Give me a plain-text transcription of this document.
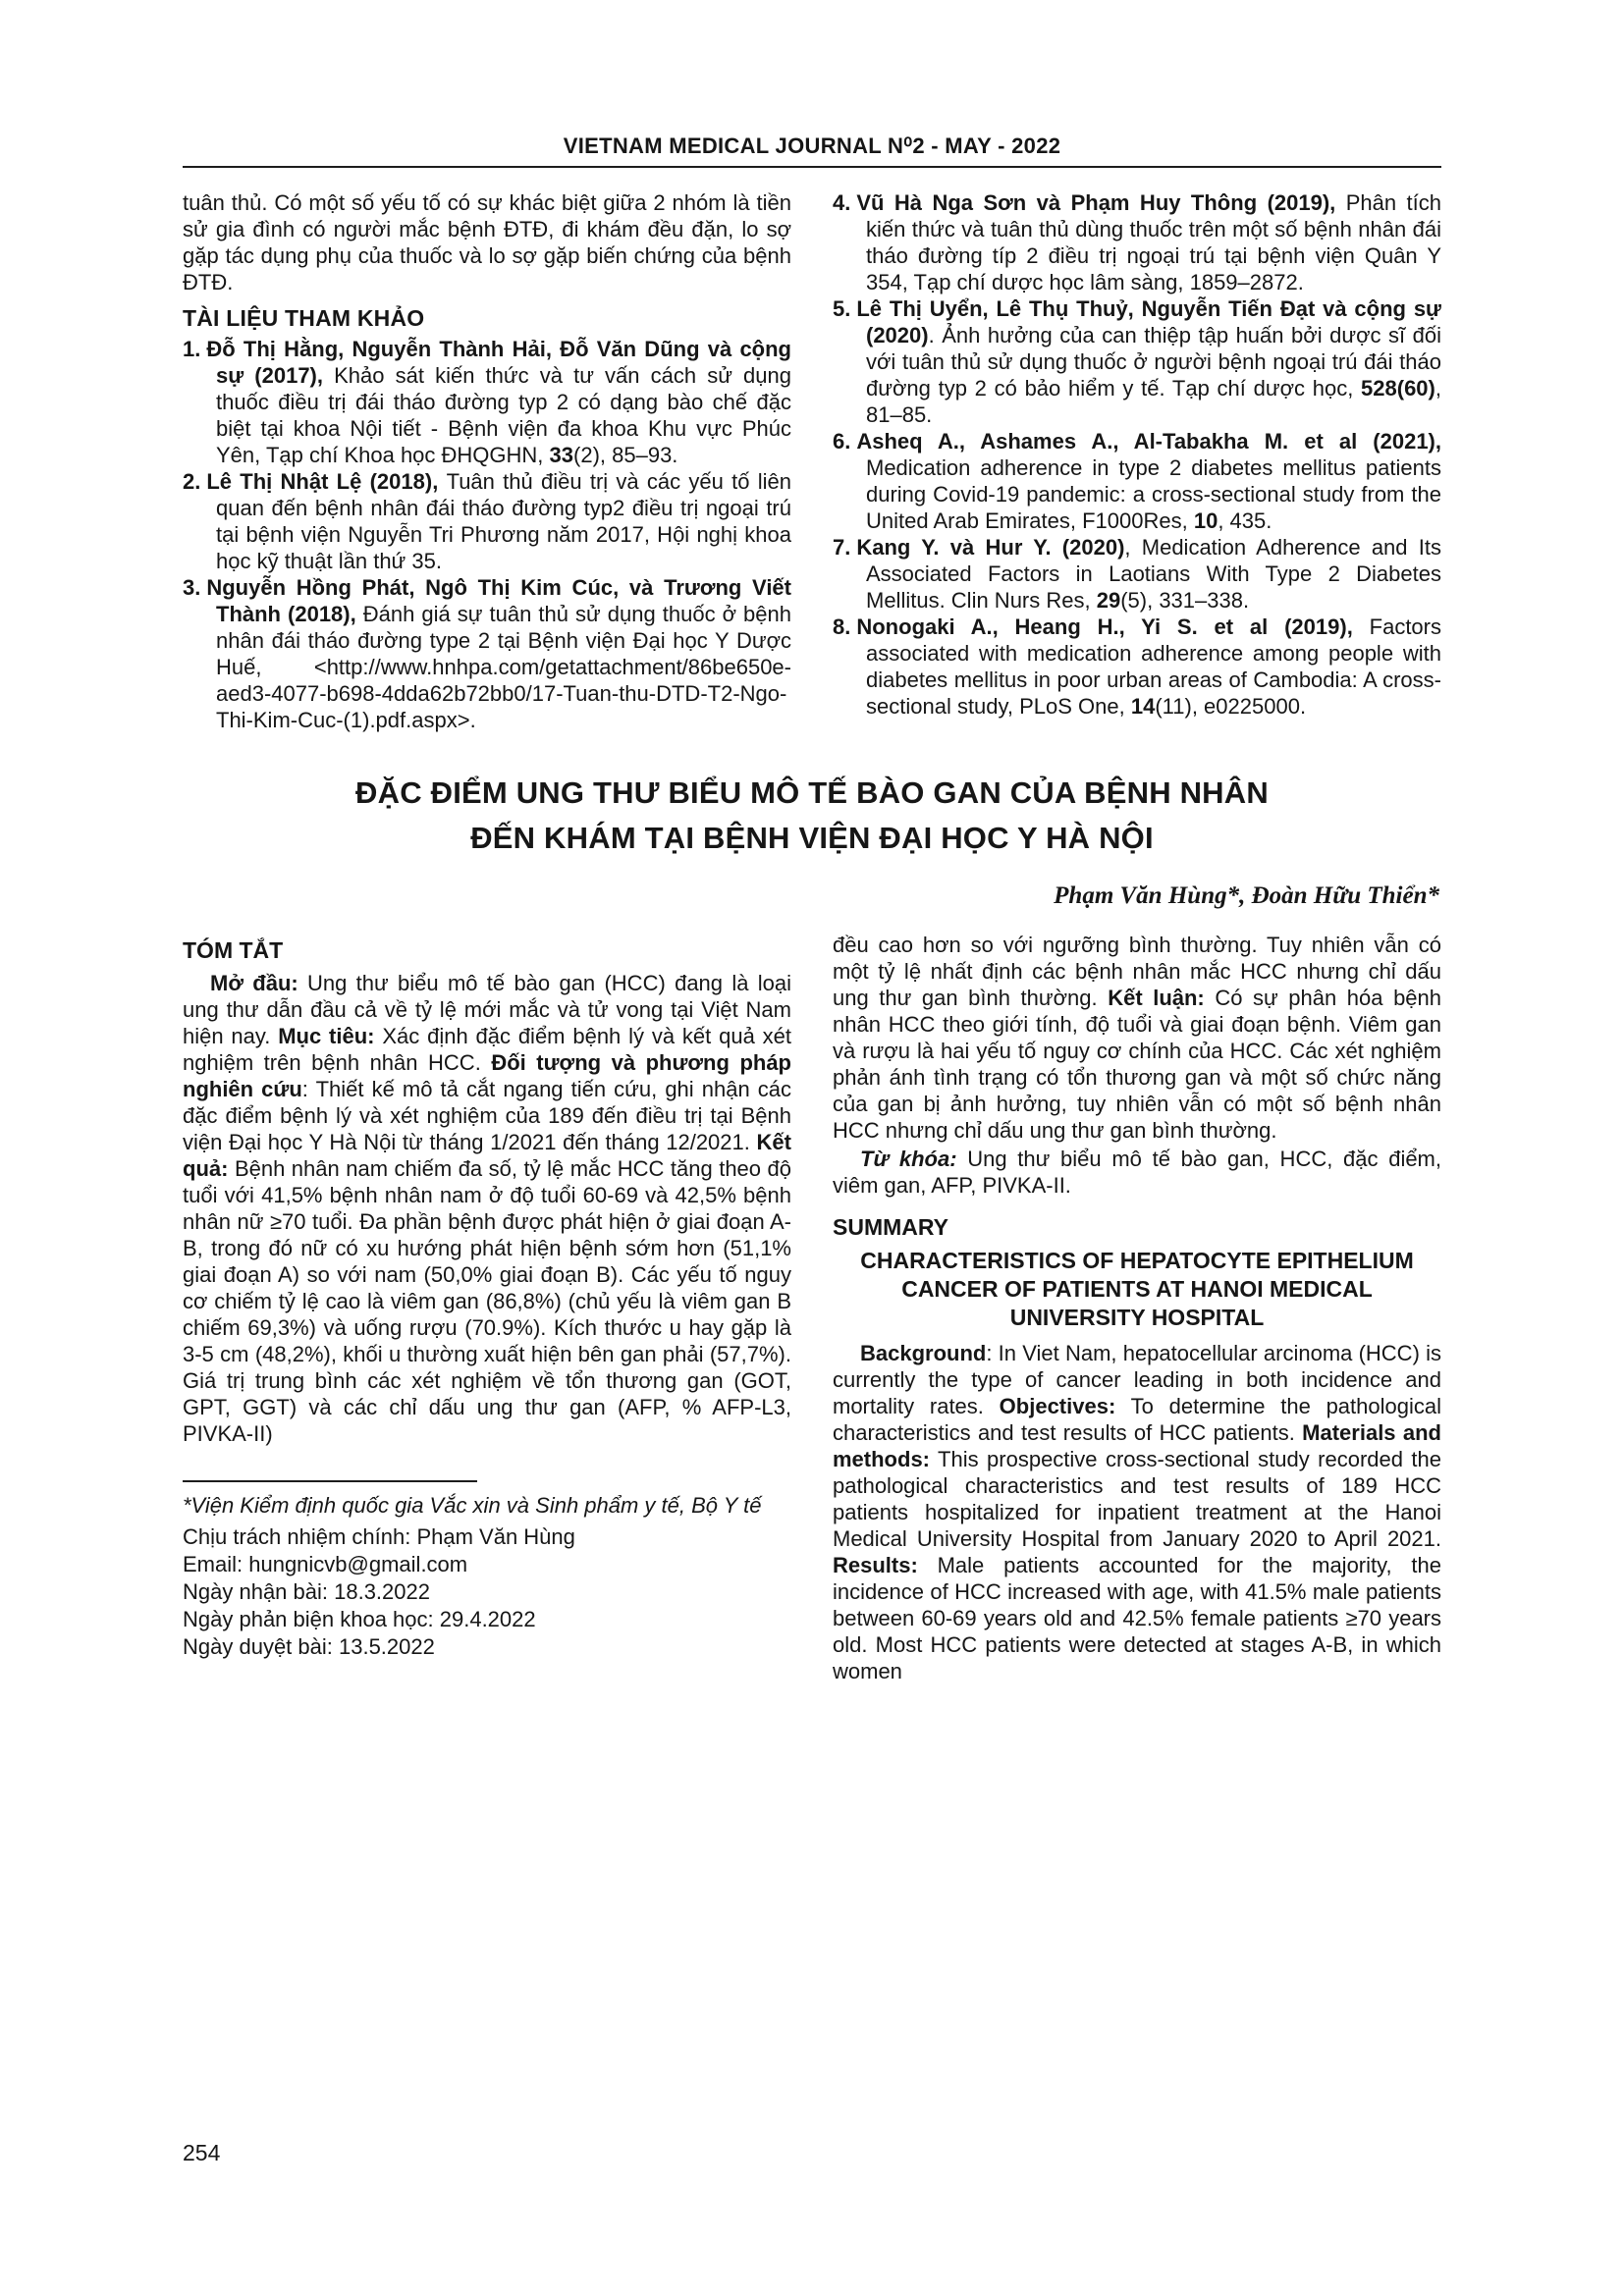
VIETNAM MEDICAL JOURNAL N⁰2 - MAY - 2022

tuân thủ. Có một số yếu tố có sự khác biệt giữa 2 nhóm là tiền sử gia đình có người mắc bệnh ĐTĐ, đi khám đều đặn, lo sợ gặp tác dụng phụ của thuốc và lo sợ gặp biến chứng của bệnh ĐTĐ.

TÀI LIỆU THAM KHẢO
1. Đỗ Thị Hằng, Nguyễn Thành Hải, Đỗ Văn Dũng và cộng sự (2017), Khảo sát kiến thức và tư vấn cách sử dụng thuốc điều trị đái tháo đường typ 2 có dạng bào chế đặc biệt tại khoa Nội tiết - Bệnh viện đa khoa Khu vực Phúc Yên, Tạp chí Khoa học ĐHQGHN, 33(2), 85–93.
2. Lê Thị Nhật Lệ (2018), Tuân thủ điều trị và các yếu tố liên quan đến bệnh nhân đái tháo đường typ2 điều trị ngoại trú tại bệnh viện Nguyễn Tri Phương năm 2017, Hội nghị khoa học kỹ thuật lần thứ 35.
3. Nguyễn Hồng Phát, Ngô Thị Kim Cúc, và Trương Viết Thành (2018), Đánh giá sự tuân thủ sử dụng thuốc ở bệnh nhân đái tháo đường type 2 tại Bệnh viện Đại học Y Dược Huế, <http://www.hnhpa.com/getattachment/86be650e-aed3-4077-b698-4dda62b72bb0/17-Tuan-thu-DTD-T2-Ngo-Thi-Kim-Cuc-(1).pdf.aspx>.
4. Vũ Hà Nga Sơn và Phạm Huy Thông (2019), Phân tích kiến thức và tuân thủ dùng thuốc trên một số bệnh nhân đái tháo đường típ 2 điều trị ngoại trú tại bệnh viện Quân Y 354, Tạp chí dược học lâm sàng, 1859–2872.
5. Lê Thị Uyển, Lê Thụ Thuỷ, Nguyễn Tiến Đạt và cộng sự (2020). Ảnh hưởng của can thiệp tập huấn bởi dược sĩ đối với tuân thủ sử dụng thuốc ở người bệnh ngoại trú đái tháo đường typ 2 có bảo hiểm y tế. Tạp chí dược học, 528(60), 81–85.
6. Asheq A., Ashames A., Al-Tabakha M. et al (2021), Medication adherence in type 2 diabetes mellitus patients during Covid-19 pandemic: a cross-sectional study from the United Arab Emirates, F1000Res, 10, 435.
7. Kang Y. và Hur Y. (2020), Medication Adherence and Its Associated Factors in Laotians With Type 2 Diabetes Mellitus. Clin Nurs Res, 29(5), 331–338.
8. Nonogaki A., Heang H., Yi S. et al (2019), Factors associated with medication adherence among people with diabetes mellitus in poor urban areas of Cambodia: A cross-sectional study, PLoS One, 14(11), e0225000.
ĐẶC ĐIỂM UNG THƯ BIỂU MÔ TẾ BÀO GAN CỦA BỆNH NHÂN
ĐẾN KHÁM TẠI BỆNH VIỆN ĐẠI HỌC Y HÀ NỘI
Phạm Văn Hùng*, Đoàn Hữu Thiển*
TÓM TẮT

Mở đầu: Ung thư biểu mô tế bào gan (HCC) đang là loại ung thư dẫn đầu cả về tỷ lệ mới mắc và tử vong tại Việt Nam hiện nay. Mục tiêu: Xác định đặc điểm bệnh lý và kết quả xét nghiệm trên bệnh nhân HCC. Đối tượng và phương pháp nghiên cứu: Thiết kế mô tả cắt ngang tiến cứu, ghi nhận các đặc điểm bệnh lý và xét nghiệm của 189 đến điều trị tại Bệnh viện Đại học Y Hà Nội từ tháng 1/2021 đến tháng 12/2021. Kết quả: Bệnh nhân nam chiếm đa số, tỷ lệ mắc HCC tăng theo độ tuổi với 41,5% bệnh nhân nam ở độ tuổi 60-69 và 42,5% bệnh nhân nữ ≥70 tuổi. Đa phần bệnh được phát hiện ở giai đoạn A-B, trong đó nữ có xu hướng phát hiện bệnh sớm hơn (51,1% giai đoạn A) so với nam (50,0% giai đoạn B). Các yếu tố nguy cơ chiếm tỷ lệ cao là viêm gan (86,8%) (chủ yếu là viêm gan B chiếm 69,3%) và uống rượu (70.9%). Kích thước u hay gặp là 3-5 cm (48,2%), khối u thường xuất hiện bên gan phải (57,7%). Giá trị trung bình các xét nghiệm về tổn thương gan (GOT, GPT, GGT) và các chỉ dấu ung thư gan (AFP, % AFP-L3, PIVKA-II)

*Viện Kiểm định quốc gia Vắc xin và Sinh phẩm y tế, Bộ Y tế
Chịu trách nhiệm chính: Phạm Văn Hùng
Email: hungnicvb@gmail.com
Ngày nhận bài: 18.3.2022
Ngày phản biện khoa học: 29.4.2022
Ngày duyệt bài: 13.5.2022

đều cao hơn so với ngưỡng bình thường. Tuy nhiên vẫn có một tỷ lệ nhất định các bệnh nhân mắc HCC nhưng chỉ dấu ung thư gan bình thường. Kết luận: Có sự phân hóa bệnh nhân HCC theo giới tính, độ tuổi và giai đoạn bệnh. Viêm gan và rượu là hai yếu tố nguy cơ chính của HCC. Các xét nghiệm phản ánh tình trạng có tổn thương gan và một số chức năng của gan bị ảnh hưởng, tuy nhiên vẫn có một số bệnh nhân HCC nhưng chỉ dấu ung thư gan bình thường.

Từ khóa: Ung thư biểu mô tế bào gan, HCC, đặc điểm, viêm gan, AFP, PIVKA-II.

SUMMARY
CHARACTERISTICS OF HEPATOCYTE EPITHELIUM CANCER OF PATIENTS AT HANOI MEDICAL UNIVERSITY HOSPITAL

Background: In Viet Nam, hepatocellular arcinoma (HCC) is currently the type of cancer leading in both incidence and mortality rates. Objectives: To determine the pathological characteristics and test results of HCC patients. Materials and methods: This prospective cross-sectional study recorded the pathological characteristics and test results of 189 HCC patients hospitalized for inpatient treatment at the Hanoi Medical University Hospital from January 2020 to April 2021. Results: Male patients accounted for the majority, the incidence of HCC increased with age, with 41.5% male patients between 60-69 years old and 42.5% female patients ≥70 years old. Most HCC patients were detected at stages A-B, in which women

254
